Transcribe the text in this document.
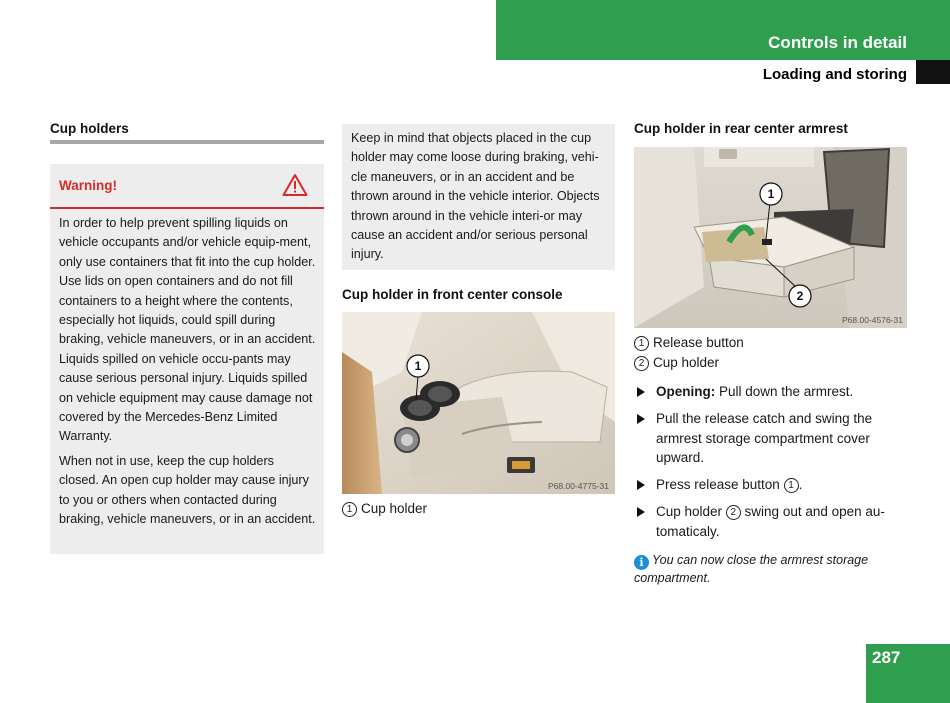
Controls in detail
Loading and storing
Cup holders
Warning!
In order to help prevent spilling liquids on vehicle occupants and/or vehicle equip-ment, only use containers that fit into the cup holder. Use lids on open containers and do not fill containers to a height where the contents, especially hot liquids, could spill during braking, vehicle maneuvers, or in an accident. Liquids spilled on vehicle occu-pants may cause serious personal injury. Liquids spilled on vehicle equipment may cause damage not covered by the Mercedes-Benz Limited Warranty.
When not in use, keep the cup holders closed. An open cup holder may cause injury to you or others when contacted during braking, vehicle maneuvers, or in an accident.
Keep in mind that objects placed in the cup holder may come loose during braking, vehi-cle maneuvers, or in an accident and be thrown around in the vehicle interior. Objects thrown around in the vehicle interi-or may cause an accident and/or serious personal injury.
Cup holder in front center console
1
P68.00-4775-31
1 Cup holder
Cup holder in rear center armrest
1
2
P68.00-4576-31
1 Release button
2 Cup holder
Opening: Pull down the armrest.
Pull the release catch and swing the armrest storage compartment cover upward.
Press release button 1 .
Cup holder 2 swing out and open au-tomaticaly.
i You can now close the armrest storage compartment.
287
